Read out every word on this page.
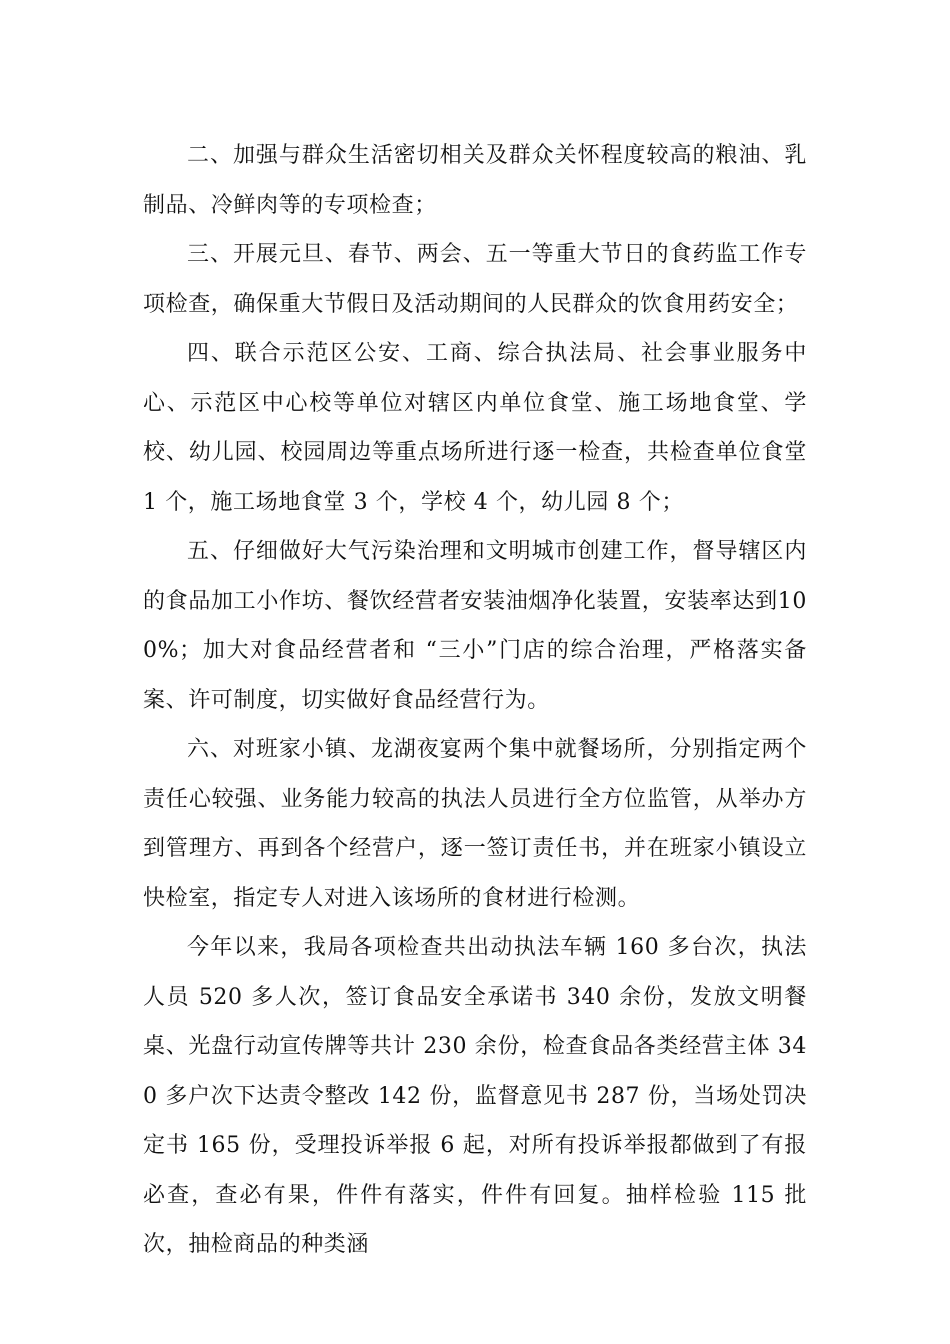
二、加强与群众生活密切相关及群众关怀程度较高的粮油、乳制品、冷鲜肉等的专项检查；

三、开展元旦、春节、两会、五一等重大节日的食药监工作专项检查，确保重大节假日及活动期间的人民群众的饮食用药安全；

四、联合示范区公安、工商、综合执法局、社会事业服务中心、示范区中心校等单位对辖区内单位食堂、施工场地食堂、学校、幼儿园、校园周边等重点场所进行逐一检查，共检查单位食堂 1 个，施工场地食堂 3 个，学校 4 个，幼儿园 8 个；

五、仔细做好大气污染治理和文明城市创建工作，督导辖区内的食品加工小作坊、餐饮经营者安装油烟净化装置，安装率达到100%；加大对食品经营者和 “三小”门店的综合治理，严格落实备案、许可制度，切实做好食品经营行为。

六、对班家小镇、龙湖夜宴两个集中就餐场所，分别指定两个责任心较强、业务能力较高的执法人员进行全方位监管，从举办方到管理方、再到各个经营户，逐一签订责任书，并在班家小镇设立快检室，指定专人对进入该场所的食材进行检测。

今年以来，我局各项检查共出动执法车辆 160 多台次，执法人员 520 多人次，签订食品安全承诺书 340 余份，发放文明餐桌、光盘行动宣传牌等共计 230 余份，检查食品各类经营主体 340 多户次下达责令整改 142 份，监督意见书 287 份，当场处罚决定书 165 份，受理投诉举报 6 起，对所有投诉举报都做到了有报必查，查必有果，件件有落实，件件有回复。抽样检验 115 批次，抽检商品的种类涵
